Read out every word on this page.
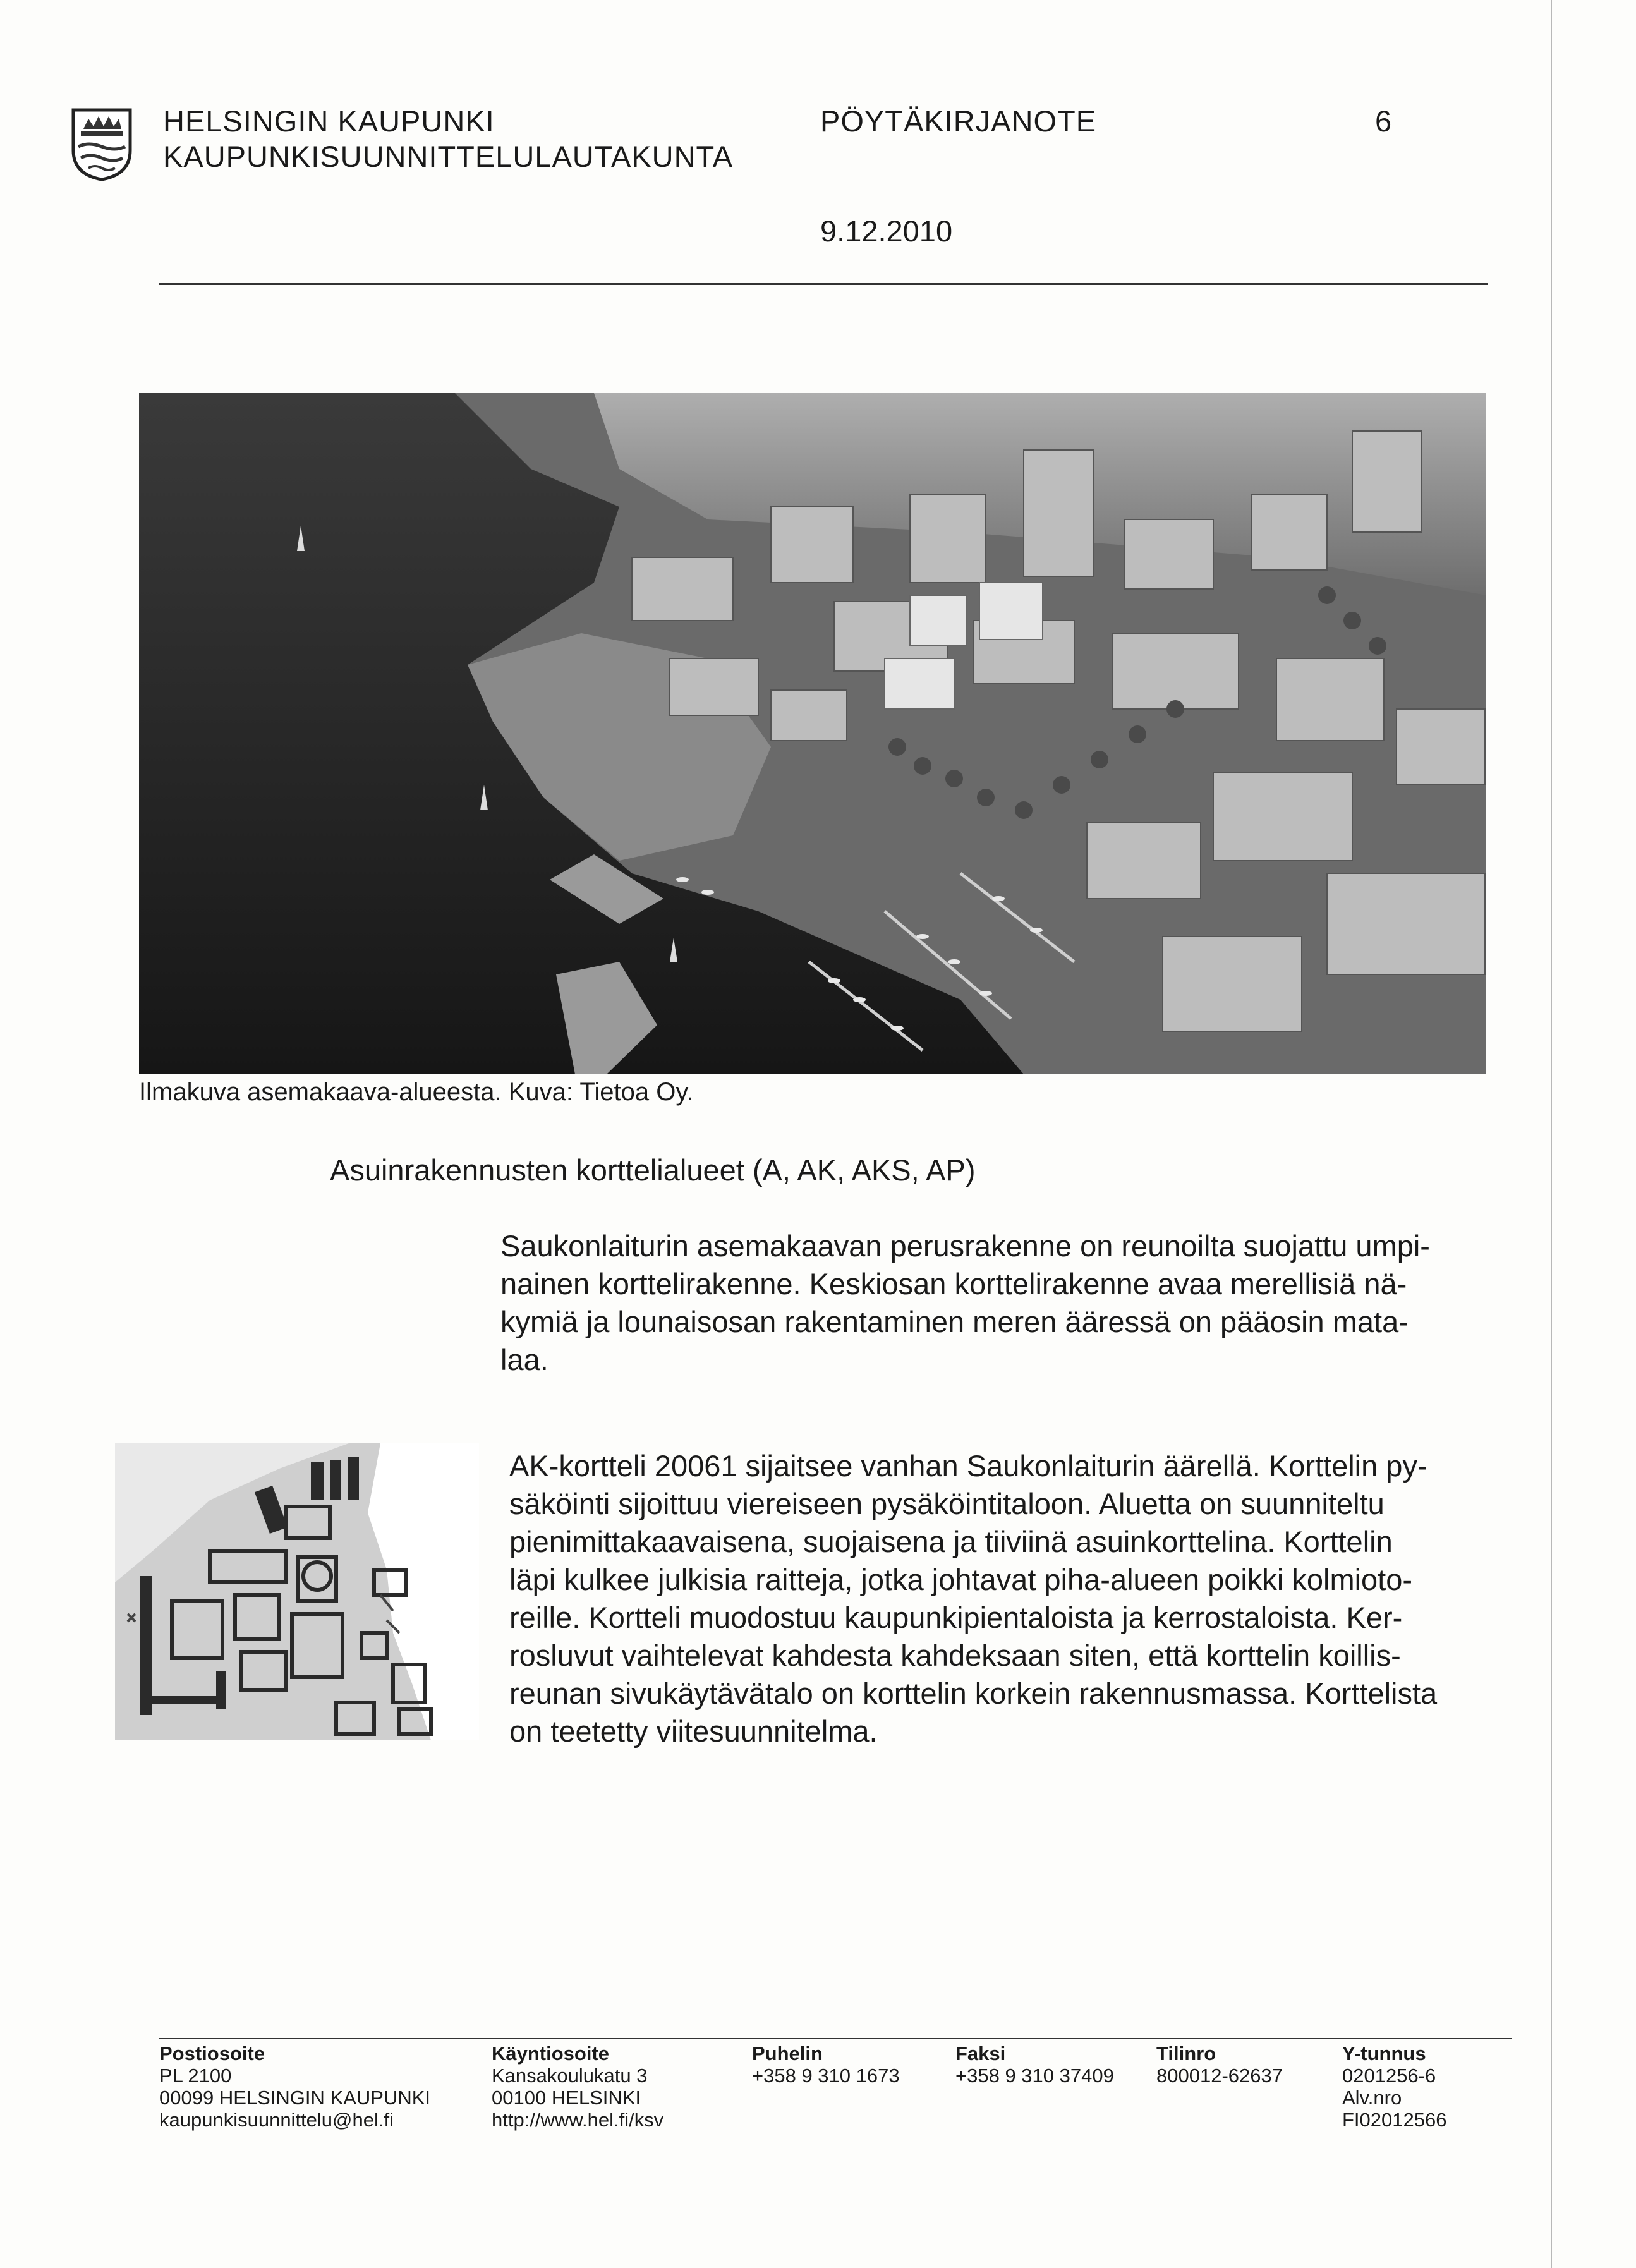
HELSINGIN KAUPUNKI
KAUPUNKISUUNNITTELULAUTAKUNTA
PÖYTÄKIRJANOTE	6
9.12.2010
Ilmakuva asemakaava-alueesta. Kuva: Tietoa Oy.
Asuinrakennusten korttelialueet (A, AK, AKS, AP)
Saukonlaiturin asemakaavan perusrakenne on reunoilta suojattu umpi-
nainen korttelirakenne. Keskiosan korttelirakenne avaa merellisiä nä-
kymiä ja lounaisosan rakentaminen meren ääressä on pääosin mata-
laa.
AK-kortteli 20061 sijaitsee vanhan Saukonlaiturin äärellä. Korttelin py-
säköinti sijoittuu viereiseen pysäköintitaloon. Aluetta on suunniteltu
pienimittakaavaisena, suojaisena ja tiiviinä asuinkorttelina. Korttelin
läpi kulkee julkisia raitteja, jotka johtavat piha-alueen poikki kolmioto-
reille. Kortteli muodostuu kaupunkipientaloista ja kerrostaloista. Ker-
rosluvut vaihtelevat kahdesta kahdeksaan siten, että korttelin koillis-
reunan sivukäytävätalo on korttelin korkein rakennusmassa. Korttelista
on teetetty viitesuunnitelma.
Postiosoite
PL 2100
00099 HELSINGIN KAUPUNKI
kaupunkisuunnittelu@hel.fi
Käyntiosoite
Kansakoulukatu 3
00100 HELSINKI
http://www.hel.fi/ksv
Puhelin
+358 9 310 1673
Faksi
+358 9 310 37409
Tilinro
800012-62637
Y-tunnus
0201256-6
Alv.nro
FI02012566
